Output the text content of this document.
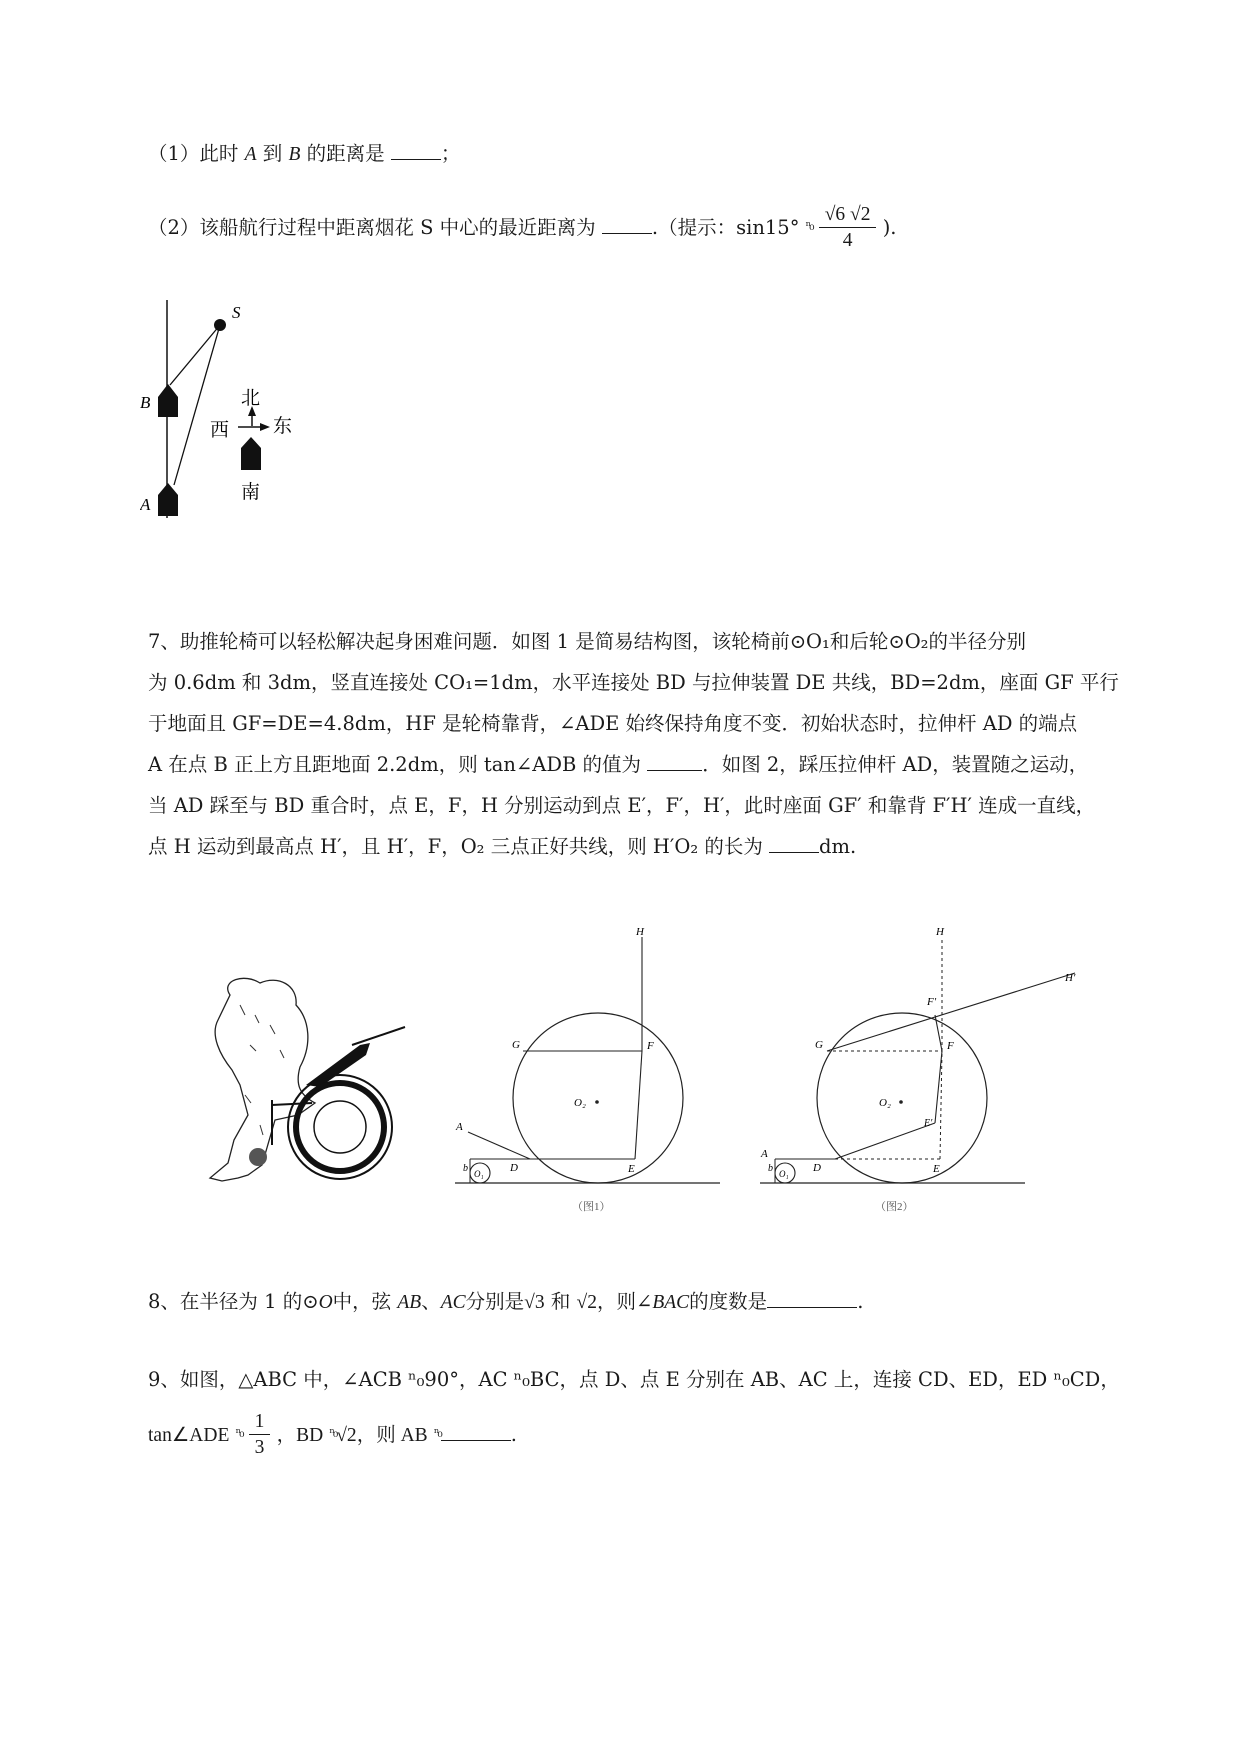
（1）此时 A 到 B 的距离是	；
（2）该船航行过程中距离烟花 S 中心的最近距离为	.（提示：sin15° $^{^n_0} \frac{√6 √2}{4}$ ).
S
B
A
北
西 东
南
7、助推轮椅可以轻松解决起身困难问题．如图 1 是简易结构图，该轮椅前⊙O₁和后轮⊙O₂的半径分别
为 0.6dm 和 3dm，竖直连接处 CO₁=1dm，水平连接处 BD 与拉伸装置 DE 共线，BD=2dm，座面 GF 平行
于地面且 GF=DE=4.8dm，HF 是轮椅靠背，∠ADE 始终保持角度不变．初始状态时，拉伸杆 AD 的端点
A 在点 B 正上方且距地面 2.2dm，则 tan∠ADB 的值为	．如图 2，踩压拉伸杆 AD，装置随之运动，
当 AD 踩至与 BD 重合时，点 E，F，H 分别运动到点 E′，F′，H′，此时座面 GF′ 和靠背 F′H′ 连成一直线，
点 H 运动到最高点 H′，且 H′，F，O₂ 三点正好共线，则 H′O₂ 的长为	dm.
H
G	F
O₂
A
D	E
b O₁
（图1）
H
H′
F′
G	F
O₂
E′
A
b	D	E
O₁
（图2）
8、在半径为 1 的⊙O中，弦 AB、AC分别是√3 和 √2，则∠BAC的度数是	.
9、如图，△ABC 中，∠ACB ⁿ₀90°，AC ⁿ₀BC，点 D、点 E 分别在 AB、AC 上，连接 CD、ED，ED ⁿ₀CD，
tan∠ADE $^{^n_0} \frac{1}{3}$ ，BD $^{^n_0}$√2，则 AB $^{^n_0}$	.
